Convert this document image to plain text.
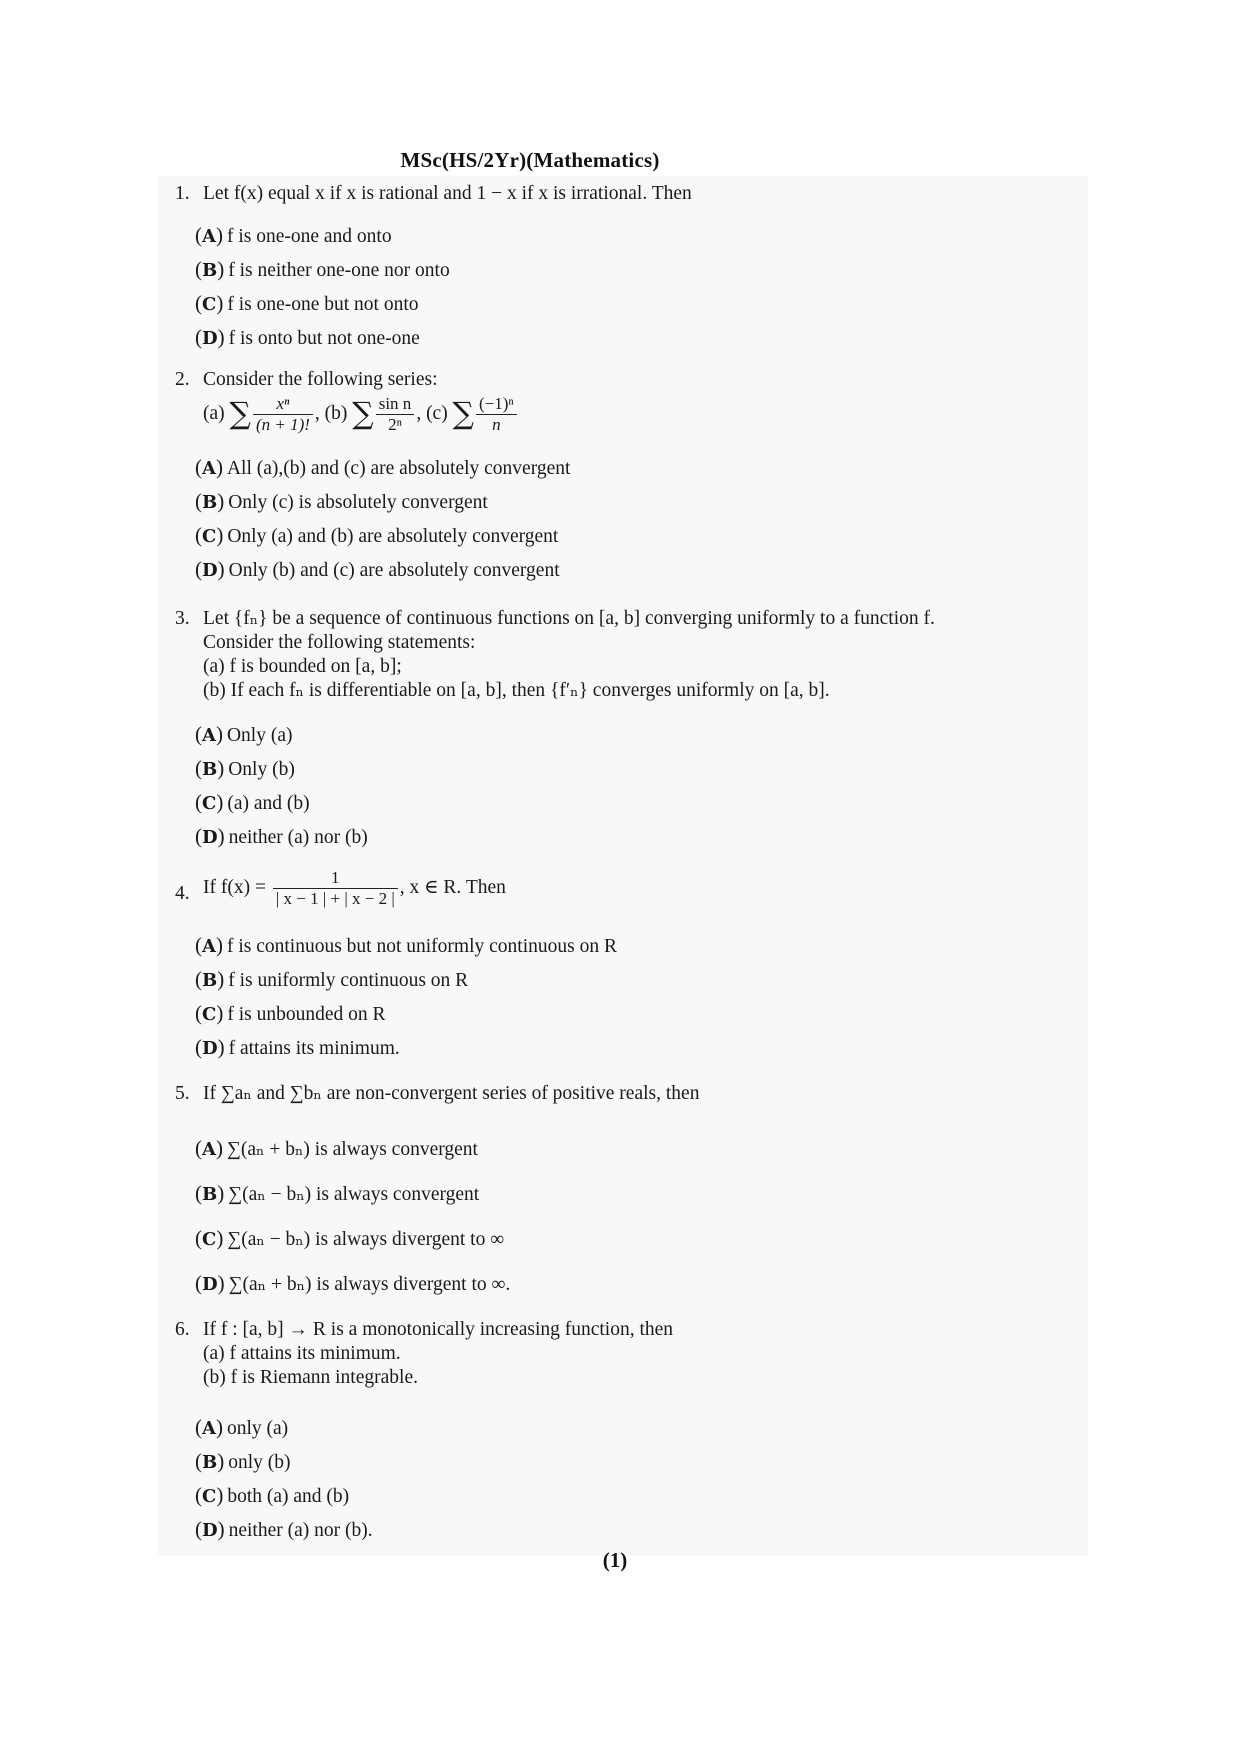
MSc(HS/2Yr)(Mathematics)
1. Let f(x) equal x if x is rational and 1 − x if x is irrational. Then
(A) f is one-one and onto
(B) f is neither one-one nor onto
(C) f is one-one but not onto
(D) f is onto but not one-one
2. Consider the following series:
(a) ∑ $\frac{\text{xⁿ}}{(n + 1)!}$ , (b) ∑ $\frac{\text{sin n}}{\text{2ⁿ}}$ , (c) ∑ $\frac{\text{(−1)ⁿ}}{n}$
(A) All (a),(b) and (c) are absolutely convergent
(B) Only (c) is absolutely convergent
(C) Only (a) and (b) are absolutely convergent
(D) Only (b) and (c) are absolutely convergent
3. Let {fₙ} be a sequence of continuous functions on [a, b] converging uniformly to a function f.
Consider the following statements:
(a) f is bounded on [a, b];
(b) If each fₙ is differentiable on [a, b], then {f′ₙ} converges uniformly on [a, b].
(A) Only (a)
(B) Only (b)
(C) (a) and (b)
(D) neither (a) nor (b)
4. If $f(x) = \frac{1}{| x - 1 | + | x - 2 |}$ , x ∈ R. Then
(A) f is continuous but not uniformly continuous on R
(B) f is uniformly continuous on R
(C) f is unbounded on R
(D) f attains its minimum.
5. If ∑aₙ and ∑bₙ are non-convergent series of positive reals, then
(A) ∑(aₙ + bₙ) is always convergent
(B) ∑(aₙ − bₙ) is always convergent
(C) ∑(aₙ − bₙ) is always divergent to ∞
(D) ∑(aₙ + bₙ) is always divergent to ∞.
6. If f : [a, b] → R is a monotonically increasing function, then
(a) f attains its minimum.
(b) f is Riemann integrable.
(A) only (a)
(B) only (b)
(C) both (a) and (b)
(D) neither (a) nor (b).
(1)
